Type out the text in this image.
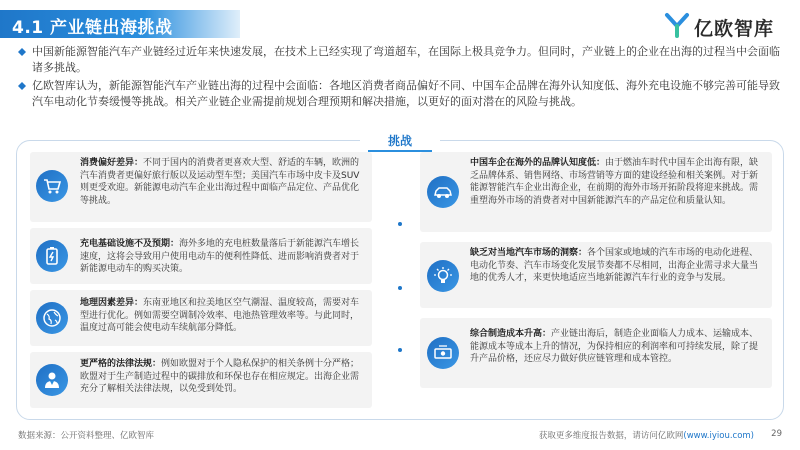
4.1 产业链出海挑战	亿欧智库
中国新能源智能汽车产业链经过近年来快速发展，在技术上已经实现了弯道超车，在国际上极具竞争力。但同时，产业链上的企业在出海的过程当中会面临诸多挑战。
亿欧智库认为，新能源智能汽车产业链出海的过程中会面临：各地区消费者商品偏好不同、中国车企品牌在海外认知度低、海外充电设施不够完善可能导致汽车电动化节奏缓慢等挑战。相关产业链企业需提前规划合理预期和解决措施，以更好的面对潜在的风险与挑战。
挑战
消费偏好差异：不同于国内的消费者更喜欢大型、舒适的车辆，欧洲的汽车消费者更偏好旅行版以及运动型车型；美国汽车市场中皮卡及SUV则更受欢迎。新能源电动汽车企业出海过程中面临产品定位、产品优化等挑战。
充电基础设施不及预期：海外多地的充电桩数量落后于新能源汽车增长速度，这将会导致用户使用电动车的便利性降低、进而影响消费者对于新能源电动车的购买决策。
地理因素差异：东南亚地区和拉美地区空气潮湿、温度较高，需要对车型进行优化。例如需要空调制冷效率、电池热管理效率等。与此同时，温度过高可能会使电动车续航部分降低。
更严格的法律法规：例如欧盟对于个人隐私保护的相关条例十分严格；欧盟对于生产制造过程中的碳排放和环保也存在相应规定。出海企业需充分了解相关法律法规，以免受到处罚。
中国车企在海外的品牌认知度低：由于燃油车时代中国车企出海有限，缺乏品牌体系、销售网络、市场营销等方面的建设经验和相关案例。对于新能源智能汽车企业出海企业，在前期的海外市场开拓阶段将迎来挑战。需重塑海外市场的消费者对中国新能源汽车的产品定位和质量认知。
缺乏对当地汽车市场的洞察：各个国家或地域的汽车市场的电动化进程、电动化节奏、汽车市场变化发展节奏都不尽相同，出海企业需寻求大量当地的优秀人才，来更快地适应当地新能源汽车行业的竞争与发展。
综合制造成本升高：产业链出海后，制造企业面临人力成本、运输成本、能源成本等成本上升的情况，为保持相应的利润率和可持续发展，除了提升产品价格，还应尽力做好供应链管理和成本管控。
数据来源：公开资料整理、亿欧智库	获取更多维度报告数据，请访问亿欧网(www.iyiou.com) 29
